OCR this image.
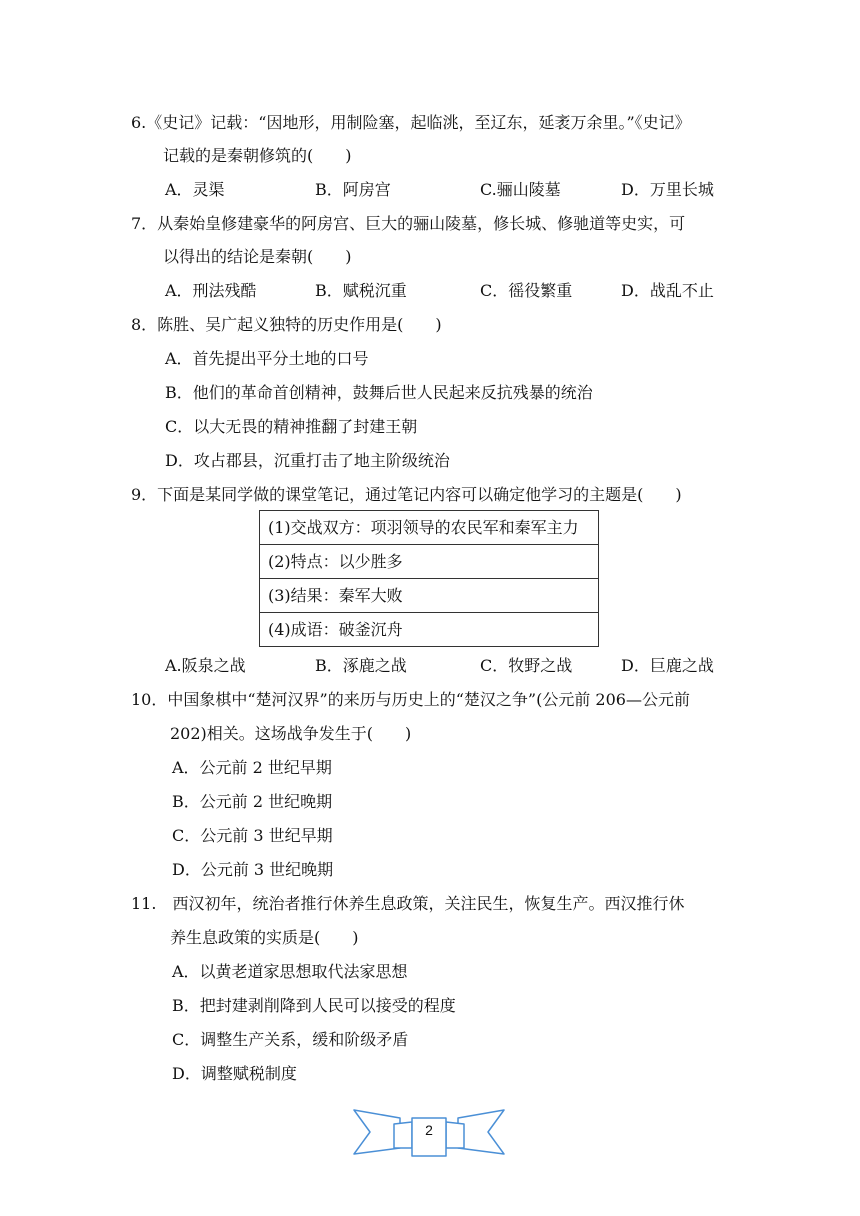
6.《史记》记载：“因地形，用制险塞，起临洮，至辽东，延袤万余里。”《史记》
记载的是秦朝修筑的(　　)
A．灵渠	B．阿房宫	C.骊山陵墓	D．万里长城
7．从秦始皇修建豪华的阿房宫、巨大的骊山陵墓，修长城、修驰道等史实，可
以得出的结论是秦朝(　　)
A．刑法残酷	B．赋税沉重	C．徭役繁重	D．战乱不止
8．陈胜、吴广起义独特的历史作用是(　　)
A．首先提出平分土地的口号
B．他们的革命首创精神，鼓舞后世人民起来反抗残暴的统治
C．以大无畏的精神推翻了封建王朝
D．攻占郡县，沉重打击了地主阶级统治
9．下面是某同学做的课堂笔记，通过笔记内容可以确定他学习的主题是(　　)
(1)交战双方：项羽领导的农民军和秦军主力
(2)特点：以少胜多
(3)结果：秦军大败
(4)成语：破釜沉舟
A.阪泉之战	B．涿鹿之战	C．牧野之战	D．巨鹿之战
10．中国象棋中“楚河汉界”的来历与历史上的“楚汉之争”(公元前 206—公元前
202)相关。这场战争发生于(　　)
A．公元前 2 世纪早期
B．公元前 2 世纪晚期
C．公元前 3 世纪早期
D．公元前 3 世纪晚期
11.　西汉初年，统治者推行休养生息政策，关注民生，恢复生产。西汉推行休
养生息政策的实质是(　　)
A．以黄老道家思想取代法家思想
B．把封建剥削降到人民可以接受的程度
C．调整生产关系，缓和阶级矛盾
D．调整赋税制度
2
